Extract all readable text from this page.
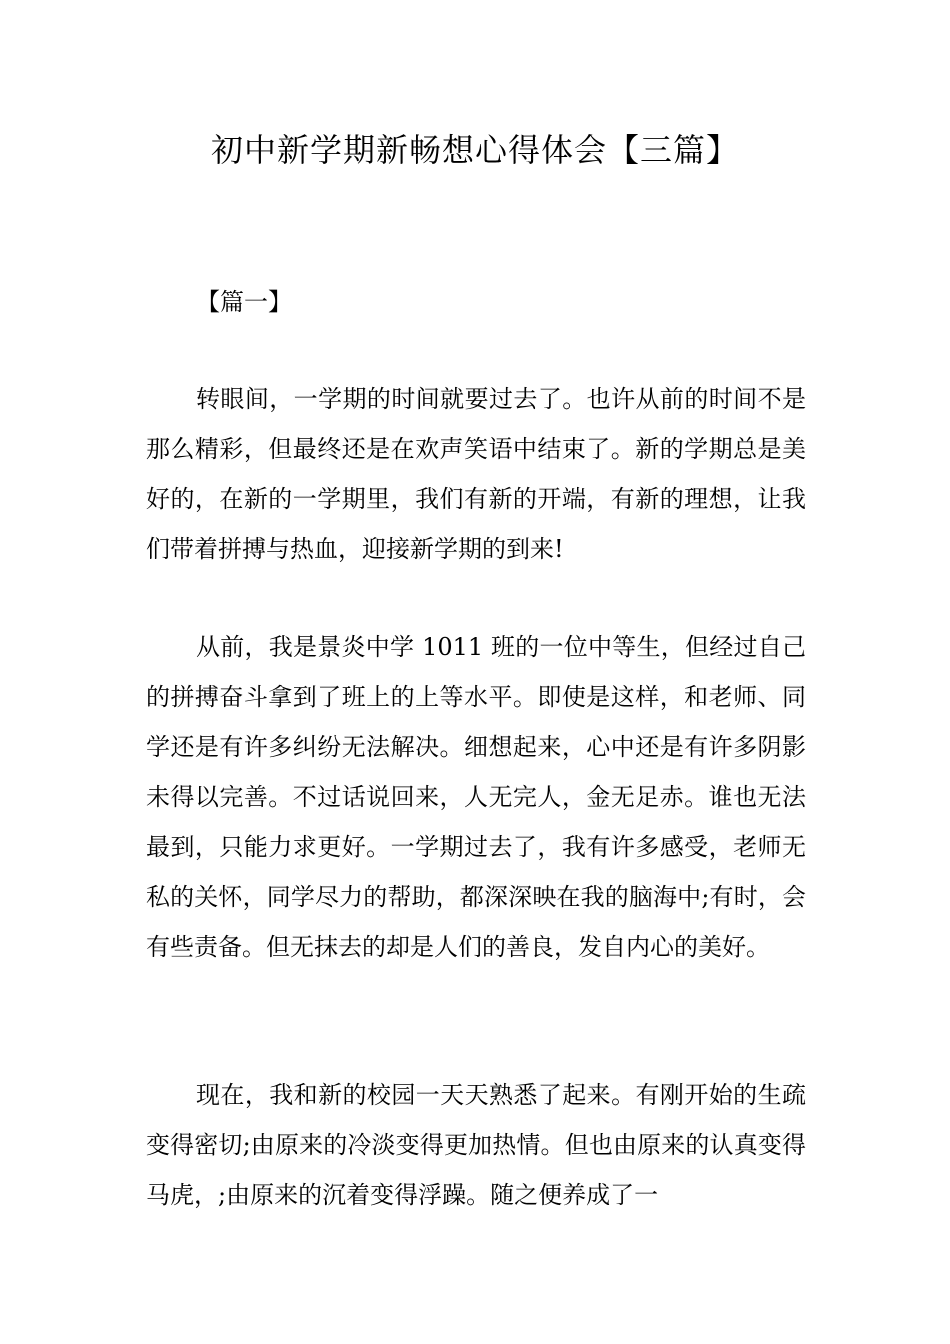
初中新学期新畅想心得体会【三篇】

【篇一】

转眼间，一学期的时间就要过去了。也许从前的时间不是那么精彩，但最终还是在欢声笑语中结束了。新的学期总是美好的，在新的一学期里，我们有新的开端，有新的理想，让我们带着拼搏与热血，迎接新学期的到来!

从前，我是景炎中学 1011 班的一位中等生，但经过自己的拼搏奋斗拿到了班上的上等水平。即使是这样，和老师、同学还是有许多纠纷无法解决。细想起来，心中还是有许多阴影未得以完善。不过话说回来，人无完人，金无足赤。谁也无法最到，只能力求更好。一学期过去了，我有许多感受，老师无私的关怀，同学尽力的帮助，都深深映在我的脑海中;有时，会有些责备。但无抹去的却是人们的善良，发自内心的美好。

现在，我和新的校园一天天熟悉了起来。有刚开始的生疏变得密切;由原来的冷淡变得更加热情。但也由原来的认真变得马虎，;由原来的沉着变得浮躁。随之便养成了一
